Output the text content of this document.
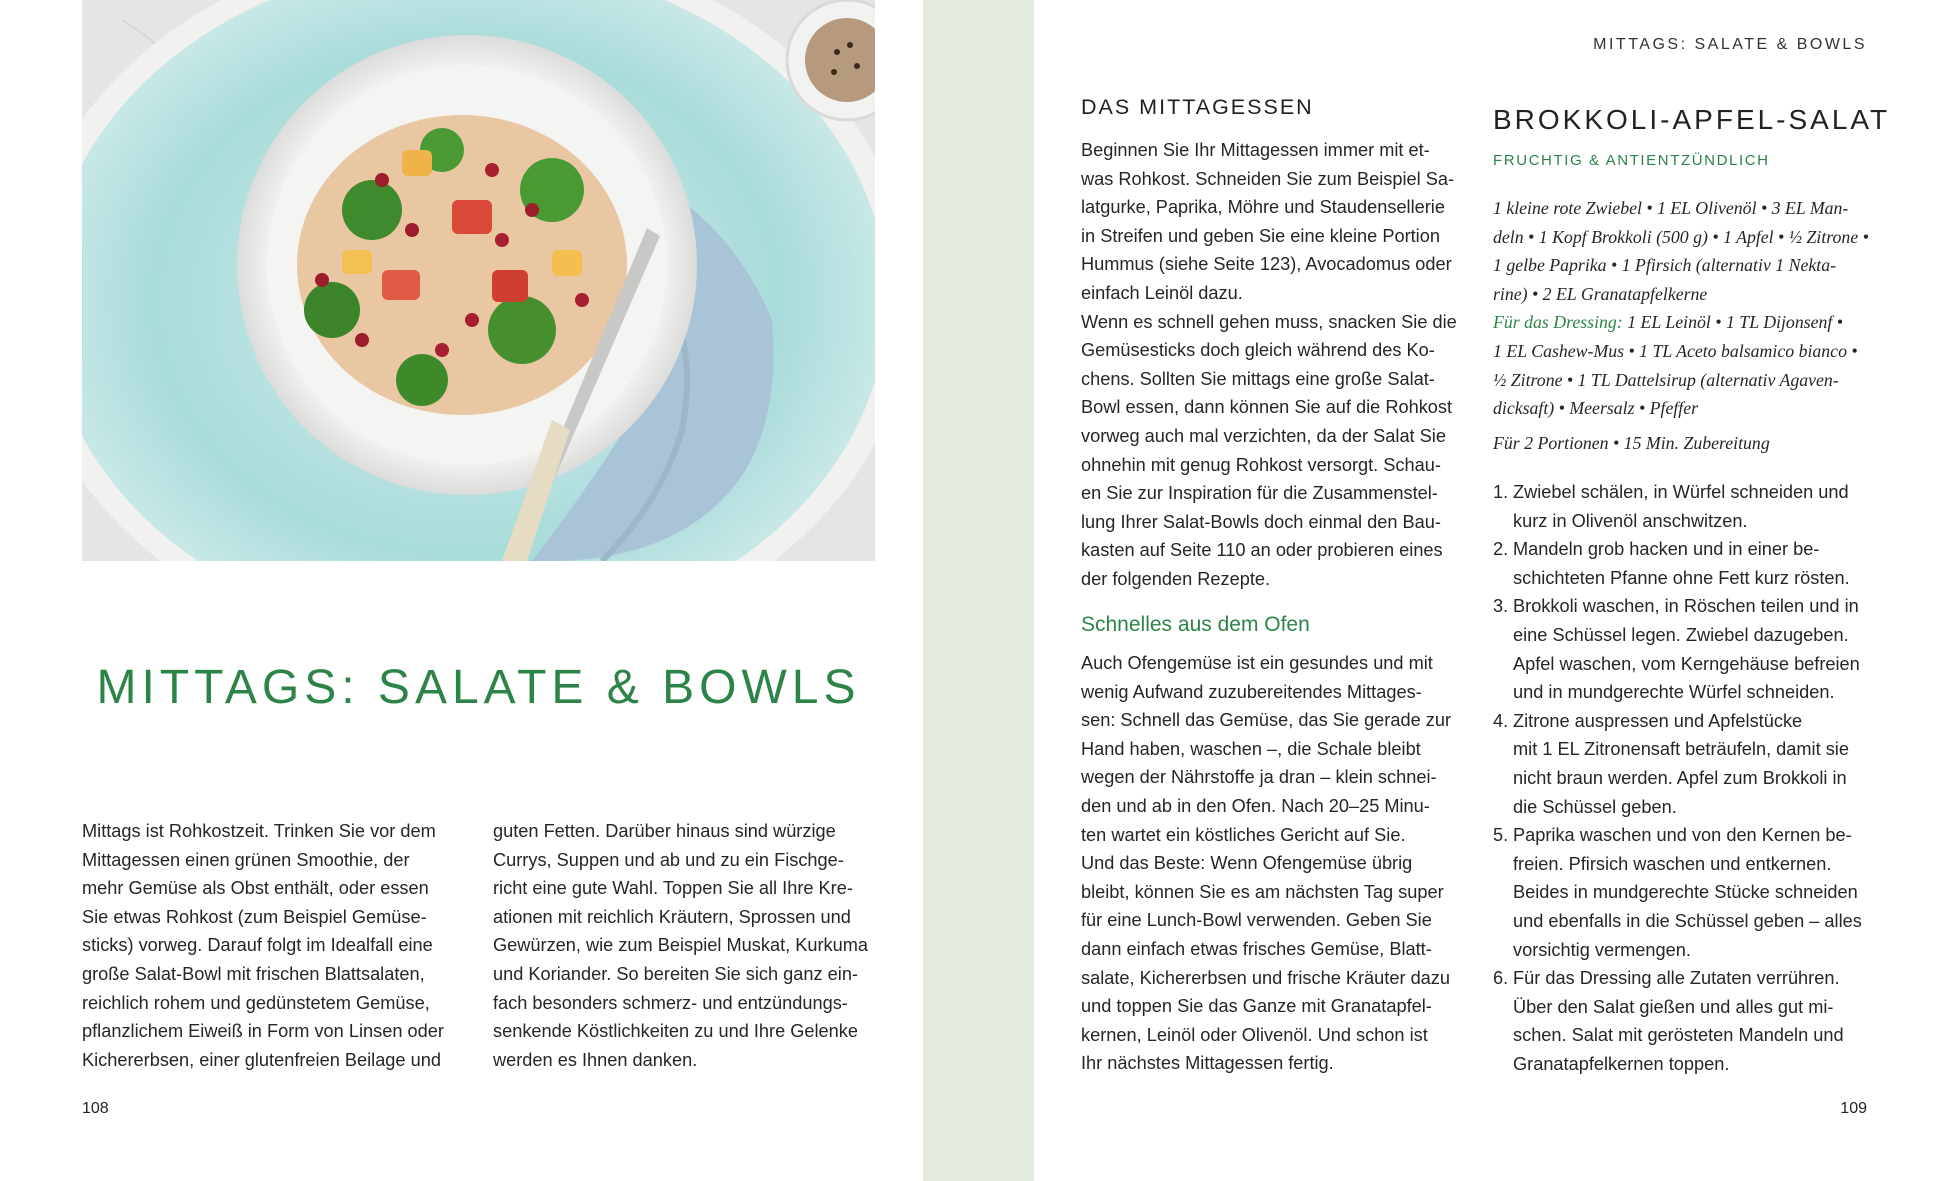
MITTAGS: SALATE & BOWLS
Mittags ist Rohkostzeit. Trinken Sie vor dem
Mittagessen einen grünen Smoothie, der
mehr Gemüse als Obst enthält, oder essen
Sie etwas Rohkost (zum Beispiel Gemüse-
sticks) vorweg. Darauf folgt im Idealfall eine
große Salat-Bowl mit frischen Blattsalaten,
reichlich rohem und gedünstetem Gemüse,
pflanzlichem Eiweiß in Form von Linsen oder
Kichererbsen, einer glutenfreien Beilage und
guten Fetten. Darüber hinaus sind würzige
Currys, Suppen und ab und zu ein Fischge-
richt eine gute Wahl. Toppen Sie all Ihre Kre-
ationen mit reichlich Kräutern, Sprossen und
Gewürzen, wie zum Beispiel Muskat, Kurkuma
und Koriander. So bereiten Sie sich ganz ein-
fach besonders schmerz- und entzündungs-
senkende Köstlichkeiten zu und Ihre Gelenke
werden es Ihnen danken.
108	109
MITTAGS: SALATE & BOWLS
DAS MITTAGESSEN
Beginnen Sie Ihr Mittagessen immer mit et-
was Rohkost. Schneiden Sie zum Beispiel Sa-
latgurke, Paprika, Möhre und Staudensellerie
in Streifen und geben Sie eine kleine Portion
Hummus (siehe Seite 123), Avocadomus oder
einfach Leinöl dazu.
Wenn es schnell gehen muss, snacken Sie die
Gemüsesticks doch gleich während des Ko-
chens. Sollten Sie mittags eine große Salat-
Bowl essen, dann können Sie auf die Rohkost
vorweg auch mal verzichten, da der Salat Sie
ohnehin mit genug Rohkost versorgt. Schau-
en Sie zur Inspiration für die Zusammenstel-
lung Ihrer Salat-Bowls doch einmal den Bau-
kasten auf Seite 110 an oder probieren eines
der folgenden Rezepte.
Schnelles aus dem Ofen
Auch Ofengemüse ist ein gesundes und mit
wenig Aufwand zuzubereitendes Mittages-
sen: Schnell das Gemüse, das Sie gerade zur
Hand haben, waschen –, die Schale bleibt
wegen der Nährstoffe ja dran – klein schnei-
den und ab in den Ofen. Nach 20–25 Minu-
ten wartet ein köstliches Gericht auf Sie.
Und das Beste: Wenn Ofengemüse übrig
bleibt, können Sie es am nächsten Tag super
für eine Lunch-Bowl verwenden. Geben Sie
dann einfach etwas frisches Gemüse, Blatt-
salate, Kichererbsen und frische Kräuter dazu
und toppen Sie das Ganze mit Granatapfel-
kernen, Leinöl oder Olivenöl. Und schon ist
Ihr nächstes Mittagessen fertig.
BROKKOLI-APFEL-SALAT
FRUCHTIG & ANTIENTZÜNDLICH
1 kleine rote Zwiebel • 1 EL Olivenöl • 3 EL Man-
deln • 1 Kopf Brokkoli (500 g) • 1 Apfel • ½ Zitrone •
1 gelbe Paprika • 1 Pfirsich (alternativ 1 Nekta-
rine) • 2 EL Granatapfelkerne
Für das Dressing: 1 EL Leinöl • 1 TL Dijonsenf •
1 EL Cashew-Mus • 1 TL Aceto balsamico bianco •
½ Zitrone • 1 TL Dattelsirup (alternativ Agaven-
dicksaft) • Meersalz • Pfeffer
Für 2 Portionen • 15 Min. Zubereitung
1. Zwiebel schälen, in Würfel schneiden und
kurz in Olivenöl anschwitzen.
2. Mandeln grob hacken und in einer be-
schichteten Pfanne ohne Fett kurz rösten.
3. Brokkoli waschen, in Röschen teilen und in
eine Schüssel legen. Zwiebel dazugeben.
Apfel waschen, vom Kerngehäuse befreien
und in mundgerechte Würfel schneiden.
4. Zitrone auspressen und Apfelstücke
mit 1 EL Zitronensaft beträufeln, damit sie
nicht braun werden. Apfel zum Brokkoli in
die Schüssel geben.
5. Paprika waschen und von den Kernen be-
freien. Pfirsich waschen und entkernen.
Beides in mundgerechte Stücke schneiden
und ebenfalls in die Schüssel geben – alles
vorsichtig vermengen.
6. Für das Dressing alle Zutaten verrühren.
Über den Salat gießen und alles gut mi-
schen. Salat mit gerösteten Mandeln und
Granatapfelkernen toppen.
